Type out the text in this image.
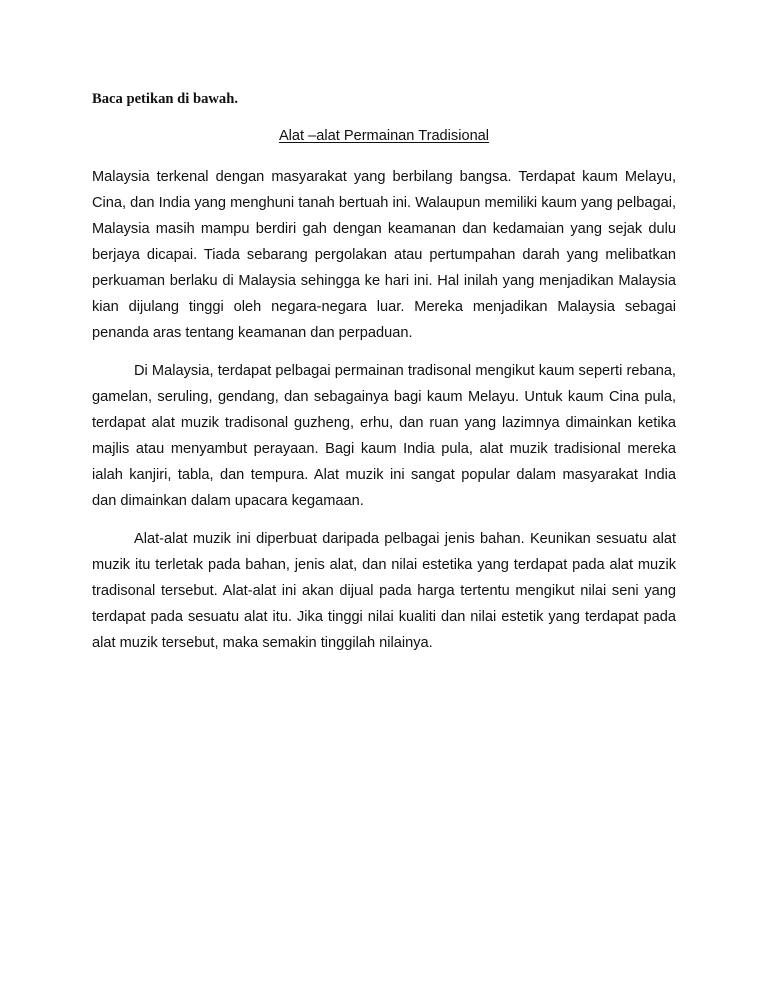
Baca petikan di bawah.

Alat –alat Permainan Tradisional

Malaysia terkenal dengan masyarakat yang berbilang bangsa. Terdapat kaum Melayu, Cina, dan India yang menghuni tanah bertuah ini. Walaupun memiliki kaum yang pelbagai, Malaysia masih mampu berdiri gah dengan keamanan dan kedamaian yang sejak dulu berjaya dicapai. Tiada sebarang pergolakan atau pertumpahan darah yang melibatkan perkuaman berlaku di Malaysia sehingga ke hari ini. Hal inilah yang menjadikan Malaysia kian dijulang tinggi oleh negara-negara luar. Mereka menjadikan Malaysia sebagai penanda aras tentang keamanan dan perpaduan.

Di Malaysia, terdapat pelbagai permainan tradisonal mengikut kaum seperti rebana, gamelan, seruling, gendang, dan sebagainya bagi kaum Melayu. Untuk kaum Cina pula, terdapat alat muzik tradisonal guzheng, erhu, dan ruan yang lazimnya dimainkan ketika majlis atau menyambut perayaan. Bagi kaum India pula, alat muzik tradisional mereka ialah kanjiri, tabla, dan tempura. Alat muzik ini sangat popular dalam masyarakat India dan dimainkan dalam upacara kegamaan.

Alat-alat muzik ini diperbuat daripada pelbagai jenis bahan. Keunikan sesuatu alat muzik itu terletak pada bahan, jenis alat, dan nilai estetika yang terdapat pada alat muzik tradisonal tersebut. Alat-alat ini akan dijual pada harga tertentu mengikut nilai seni yang terdapat pada sesuatu alat itu. Jika tinggi nilai kualiti dan nilai estetik yang terdapat pada alat muzik tersebut, maka semakin tinggilah nilainya.
